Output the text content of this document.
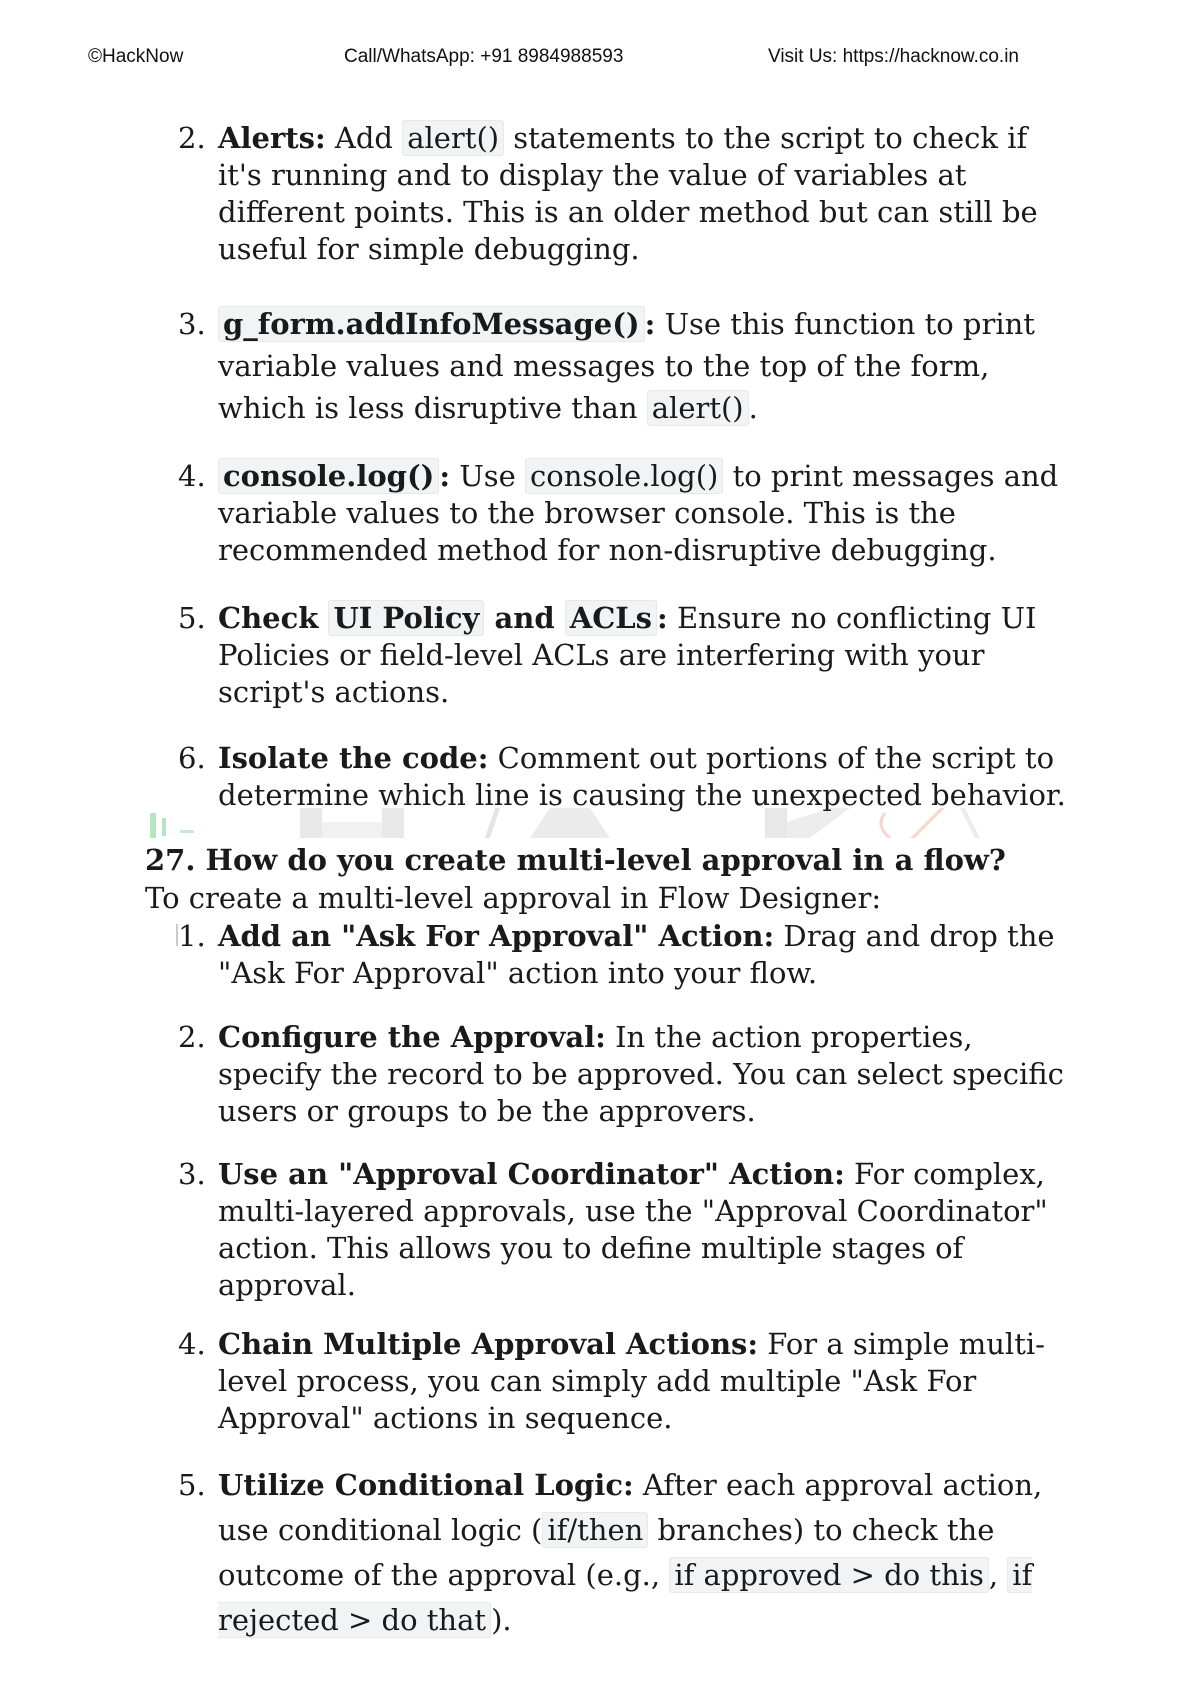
©HackNow	Call/WhatsApp: +91 8984988593	Visit Us: https://hacknow.co.in
2. Alerts: Add alert() statements to the script to check if it's running and to display the value of variables at different points. This is an older method but can still be useful for simple debugging.
3. g_form.addInfoMessage() : Use this function to print variable values and messages to the top of the form, which is less disruptive than alert() .
4. console.log() : Use console.log() to print messages and variable values to the browser console. This is the recommended method for non-disruptive debugging.
5. Check UI Policy and ACLs : Ensure no conflicting UI Policies or field-level ACLs are interfering with your script's actions.
6. Isolate the code: Comment out portions of the script to determine which line is causing the unexpected behavior.
27. How do you create multi-level approval in a flow?
To create a multi-level approval in Flow Designer:
1. Add an "Ask For Approval" Action: Drag and drop the "Ask For Approval" action into your flow.
2. Configure the Approval: In the action properties, specify the record to be approved. You can select specific users or groups to be the approvers.
3. Use an "Approval Coordinator" Action: For complex, multi-layered approvals, use the "Approval Coordinator" action. This allows you to define multiple stages of approval.
4. Chain Multiple Approval Actions: For a simple multi-level process, you can simply add multiple "Ask For Approval" actions in sequence.
5. Utilize Conditional Logic: After each approval action, use conditional logic ( if/then branches) to check the outcome of the approval (e.g., if approved > do this , if rejected > do that ).
